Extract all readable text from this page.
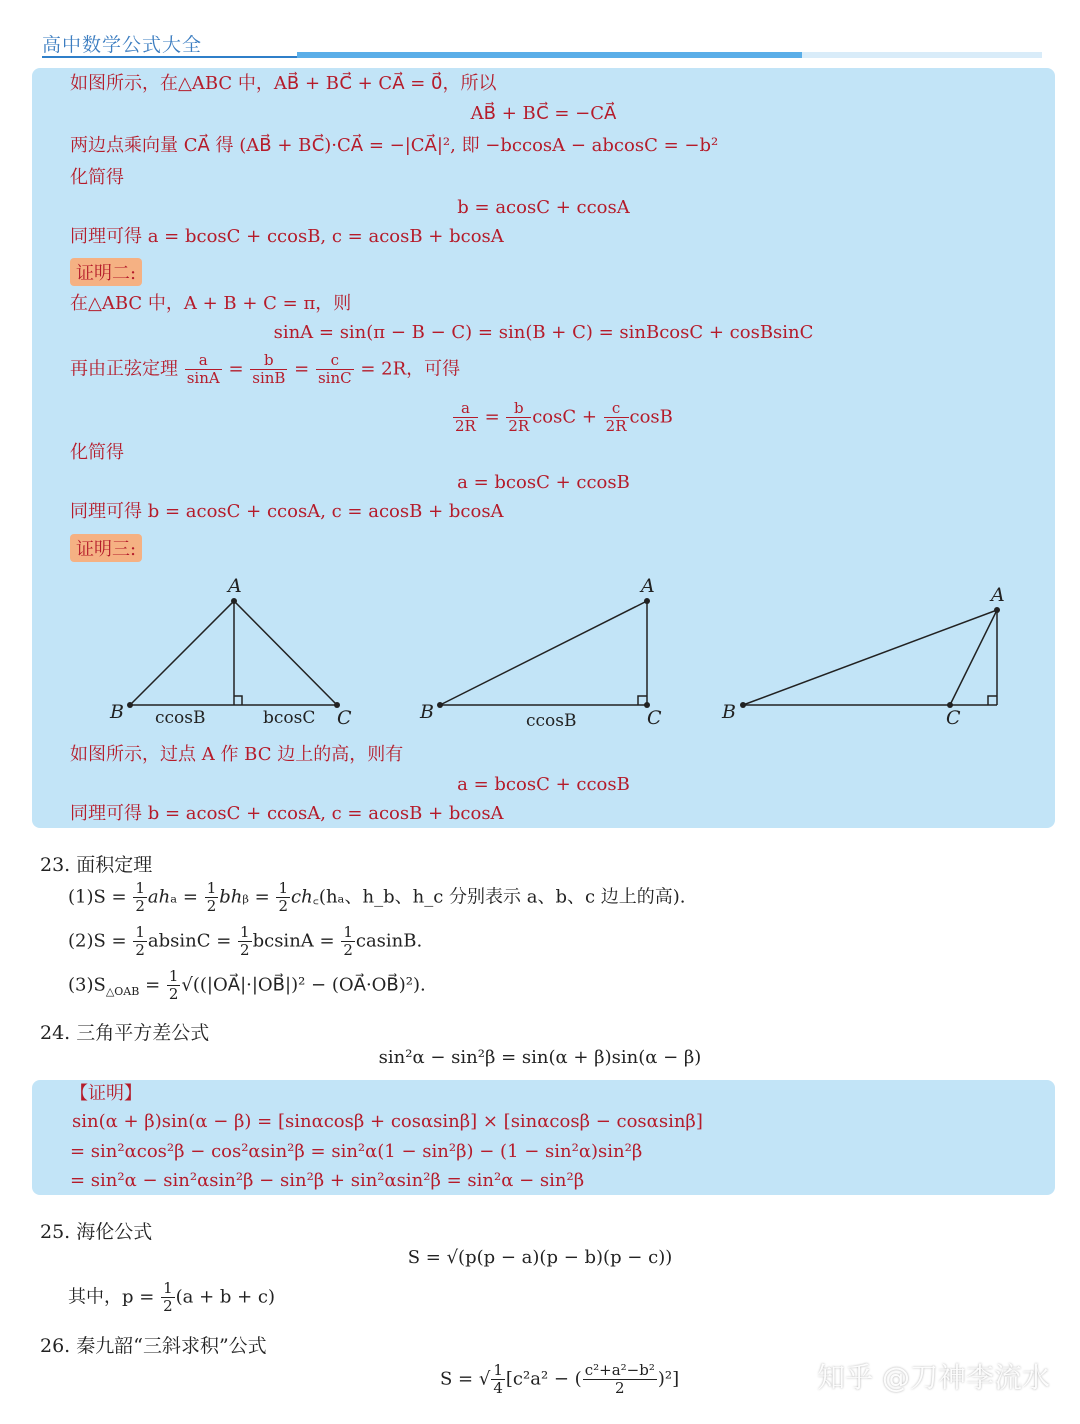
高中数学公式大全
如图所示，在△ABC 中，AB⃗ + BC⃗ + CA⃗ = 0⃗，所以
AB⃗ + BC⃗ = −CA⃗
两边点乘向量 CA⃗ 得 (AB⃗ + BC⃗)·CA⃗ = −|CA⃗|², 即 −bccosA − abcosC = −b²
化简得
b = acosC + ccosA
同理可得 a = bcosC + ccosB, c = acosB + bcosA
证明二:
在△ABC 中，A + B + C = π，则
sinA = sin(π − B − C) = sin(B + C) = sinBcosC + cosBsinC
再由正弦定理 $\frac{a}{\sin A} = \frac{b}{\sin B} = \frac{c}{\sin C} = 2R$，可得
$\frac{a}{2R} = \frac{b}{2R}$ $\cos C + \frac{c}{2R}$ cosB
化简得
a = bcosC + ccosB
同理可得 b = acosC + ccosA, c = acosB + bcosA
证明三:
A
B	C
A
B	C
A
B	C
ccosB	bcosC	ccosB
如图所示，过点 A 作 BC 边上的高，则有
a = bcosC + ccosB
同理可得 b = acosC + ccosA, c = acosB + bcosA
23. 面积定理
$(1)S = \frac{1}{2}$ $ah_a = \frac{1}{2}$ bhᵦ = $\frac{1}{2}$ ch꜀(hₐ、h_b、h_c 分别表示 a、b、c 边上的高).
$(2)S = \frac{1}{2}$ $absinC = \frac{1}{2}$ $bcsinA = \frac{1}{2} casinB$.
$(3)S_{\triangle OAB} = \frac{1}{2}$ √((|OA⃗|·|OB⃗|)² − (OA⃗·OB⃗)²).
24. 三角平方差公式
sin²α − sin²β = sin(α + β)sin(α − β)
【证明】
sin(α + β)sin(α − β) = [sinαcosβ + cosαsinβ] × [sinαcosβ − cosαsinβ]
= sin²αcos²β − cos²αsin²β = sin²α(1 − sin²β) − (1 − sin²α)sin²β
= sin²α − sin²αsin²β − sin²β + sin²αsin²β = sin²α − sin²β
25. 海伦公式
S = √(p(p − a)(p − b)(p − c))
其中，$p = \frac{1}{2} (a + b + c)$
26. 秦九韶“三斜求积”公式
S = √ $\frac{1}{4} [c^2a^2$ − ( $\frac{\text{c²+a²−b²}}{2} )^2$]	知乎 @刀神李流水
